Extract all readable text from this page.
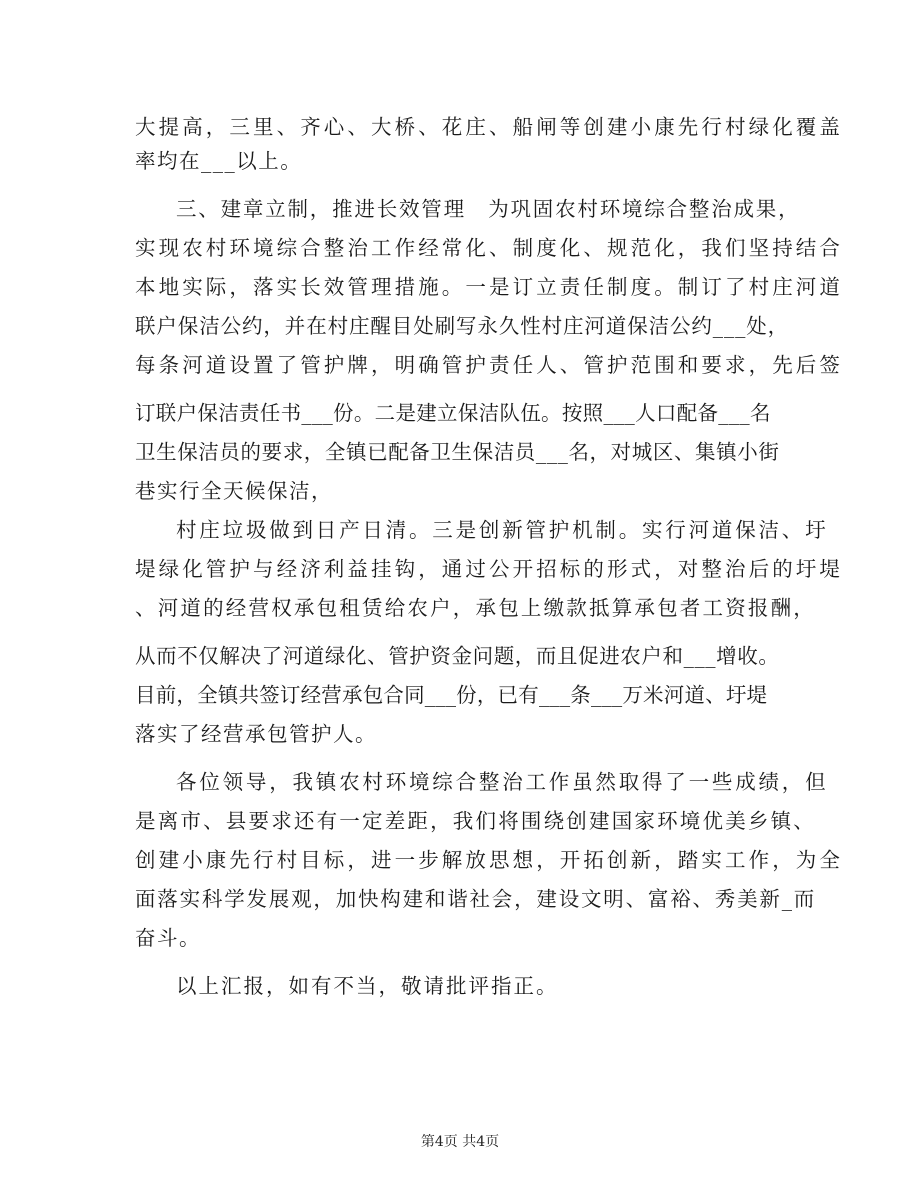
大提高，三里、齐心、大桥、花庄、船闸等创建小康先行村绿化覆盖
率均在___以上。
三、建章立制，推进长效管理　为巩固农村环境综合整治成果，
实现农村环境综合整治工作经常化、制度化、规范化，我们坚持结合
本地实际，落实长效管理措施。一是订立责任制度。制订了村庄河道
联户保洁公约，并在村庄醒目处刷写永久性村庄河道保洁公约___处，
每条河道设置了管护牌，明确管护责任人、管护范围和要求，先后签
订联户保洁责任书___份。二是建立保洁队伍。按照___人口配备___名
卫生保洁员的要求，全镇已配备卫生保洁员___名，对城区、集镇小街
巷实行全天候保洁，
村庄垃圾做到日产日清。三是创新管护机制。实行河道保洁、圩
堤绿化管护与经济利益挂钩，通过公开招标的形式，对整治后的圩堤
、河道的经营权承包租赁给农户，承包上缴款抵算承包者工资报酬，
从而不仅解决了河道绿化、管护资金问题，而且促进农户和___增收。
目前，全镇共签订经营承包合同___份，已有___条___万米河道、圩堤
落实了经营承包管护人。
各位领导，我镇农村环境综合整治工作虽然取得了一些成绩，但
是离市、县要求还有一定差距，我们将围绕创建国家环境优美乡镇、
创建小康先行村目标，进一步解放思想，开拓创新，踏实工作，为全
面落实科学发展观，加快构建和谐社会，建设文明、富裕、秀美新_而
奋斗。
以上汇报，如有不当，敬请批评指正。
第4页 共4页
